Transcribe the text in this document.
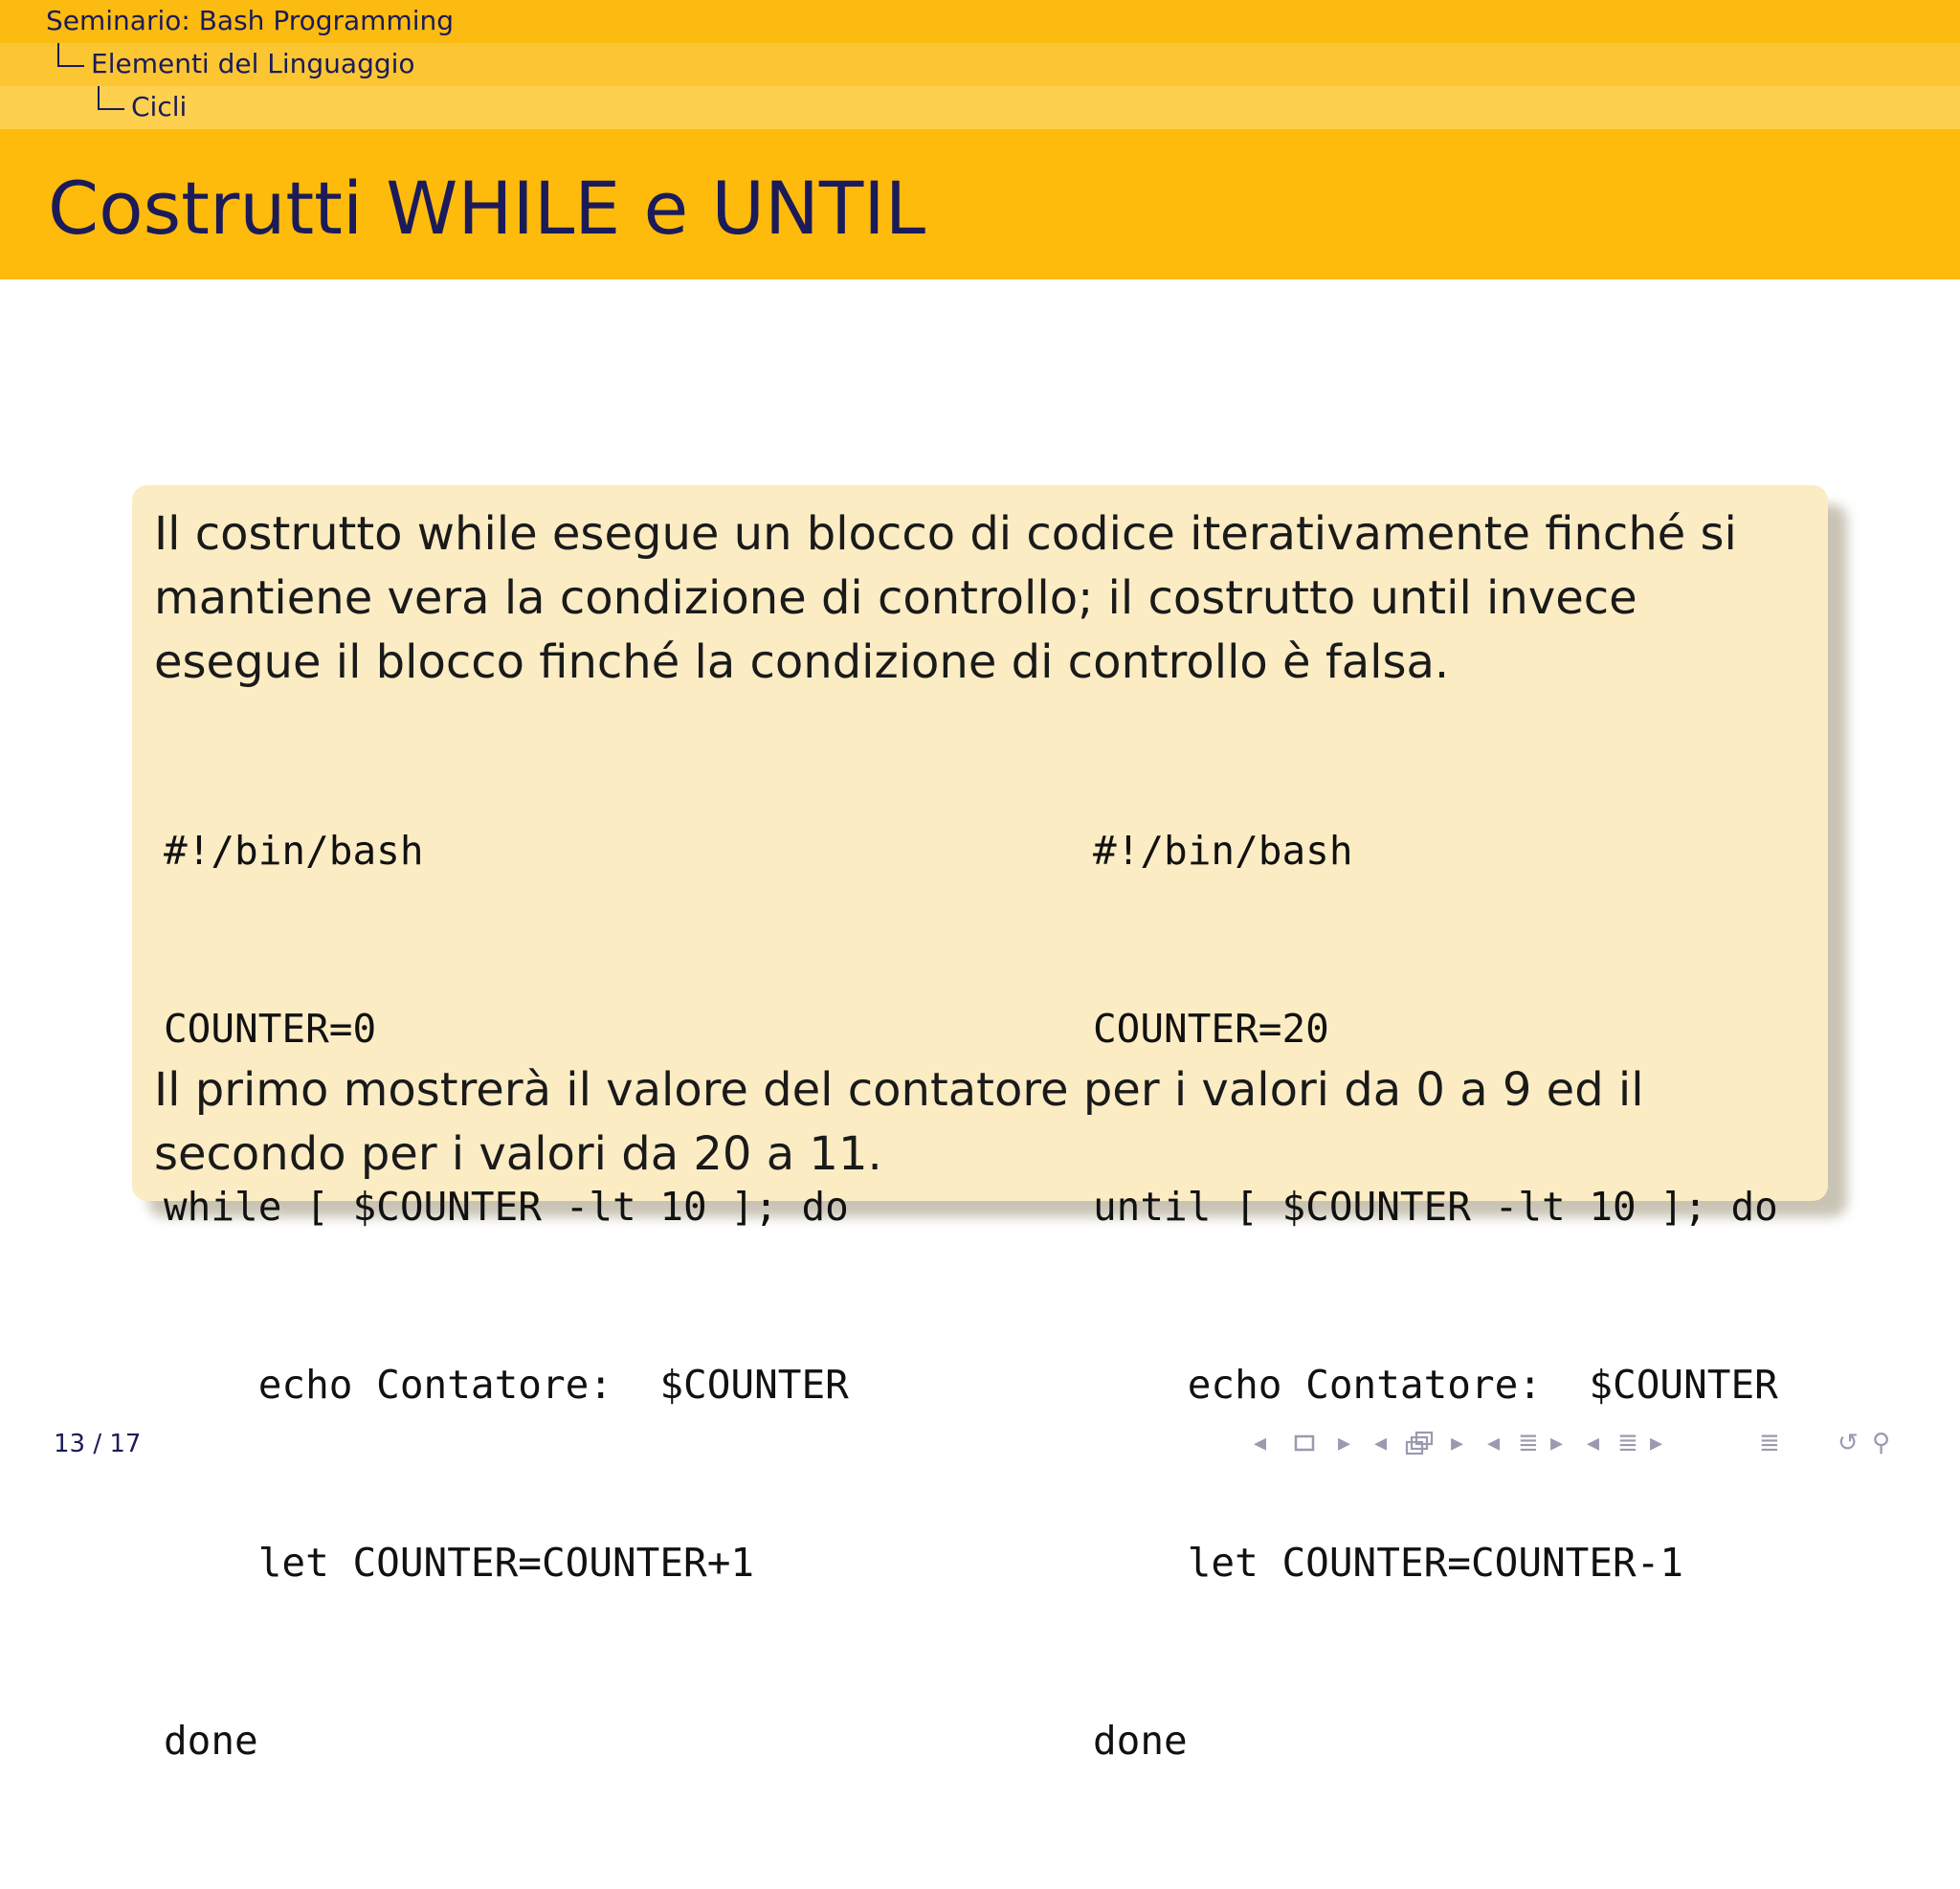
Seminario: Bash Programming
Elementi del Linguaggio
Cicli
Costrutti WHILE e UNTIL

Il costrutto while esegue un blocco di codice iterativamente finché si mantiene vera la condizione di controllo; il costrutto until invece esegue il blocco finché la condizione di controllo è falsa.

#!/bin/bash

COUNTER=0

while [ $COUNTER -lt 10 ]; do

echo Contatore:  $COUNTER

let COUNTER=COUNTER+1

done

#!/bin/bash

COUNTER=20

until [ $COUNTER -lt 10 ]; do

echo Contatore:  $COUNTER

let COUNTER=COUNTER-1

done

Il primo mostrerà il valore del contatore per i valori da 0 a 9 ed il secondo per i valori da 20 a 11.

13 / 17	◂	▸ ◂	▸ ◂ ≣ ▸ ◂ ≣ ▸	≣ ↺ ⚲
